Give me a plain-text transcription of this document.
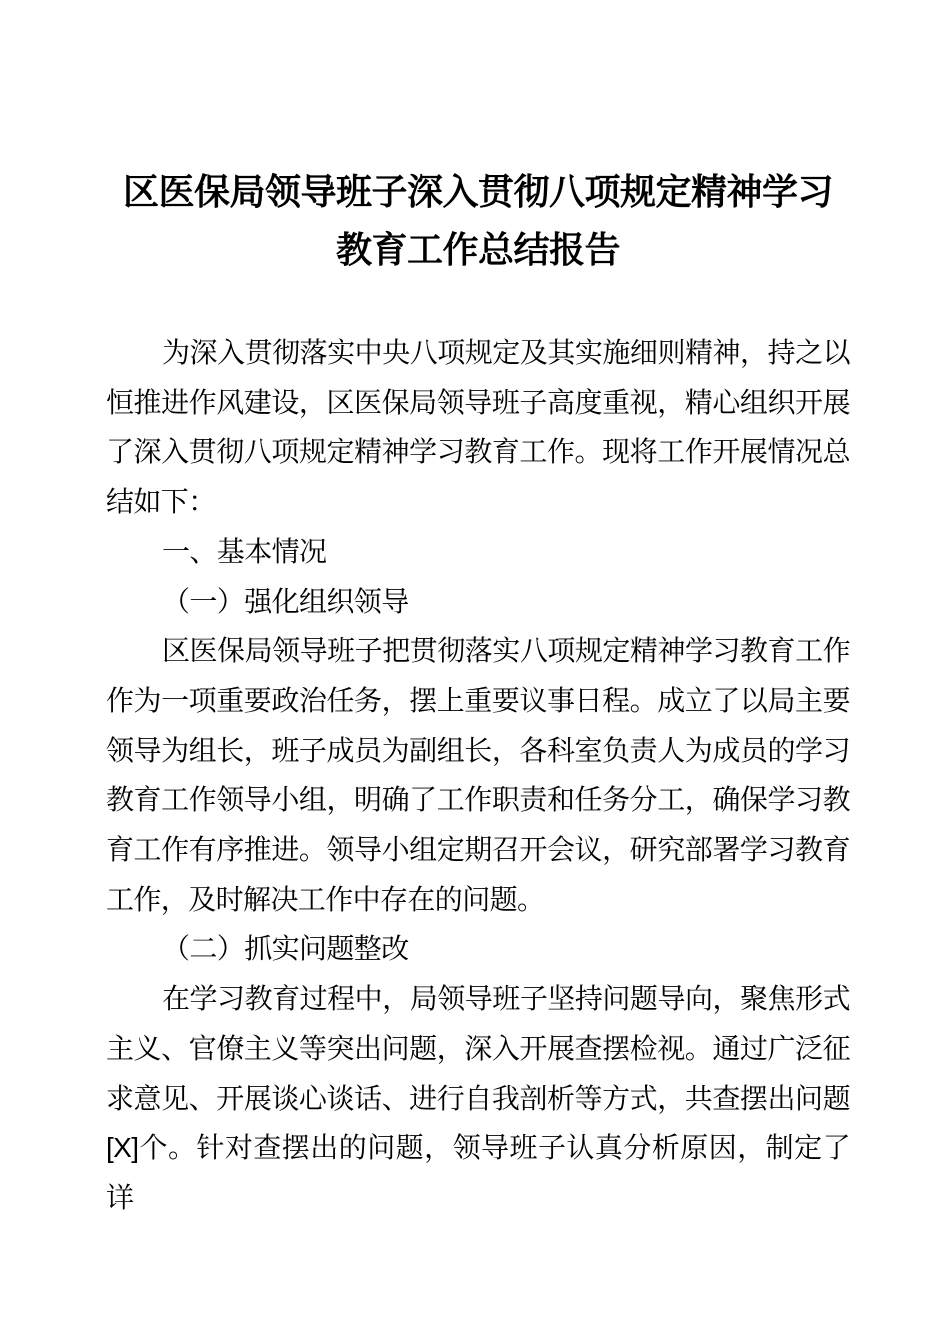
区医保局领导班子深入贯彻八项规定精神学习教育工作总结报告

为深入贯彻落实中央八项规定及其实施细则精神，持之以恒推进作风建设，区医保局领导班子高度重视，精心组织开展了深入贯彻八项规定精神学习教育工作。现将工作开展情况总结如下：

一、基本情况

（一）强化组织领导

区医保局领导班子把贯彻落实八项规定精神学习教育工作作为一项重要政治任务，摆上重要议事日程。成立了以局主要领导为组长，班子成员为副组长，各科室负责人为成员的学习教育工作领导小组，明确了工作职责和任务分工，确保学习教育工作有序推进。领导小组定期召开会议，研究部署学习教育工作，及时解决工作中存在的问题。

（二）抓实问题整改

在学习教育过程中，局领导班子坚持问题导向，聚焦形式主义、官僚主义等突出问题，深入开展查摆检视。通过广泛征求意见、开展谈心谈话、进行自我剖析等方式，共查摆出问题[X]个。针对查摆出的问题，领导班子认真分析原因，制定了详
